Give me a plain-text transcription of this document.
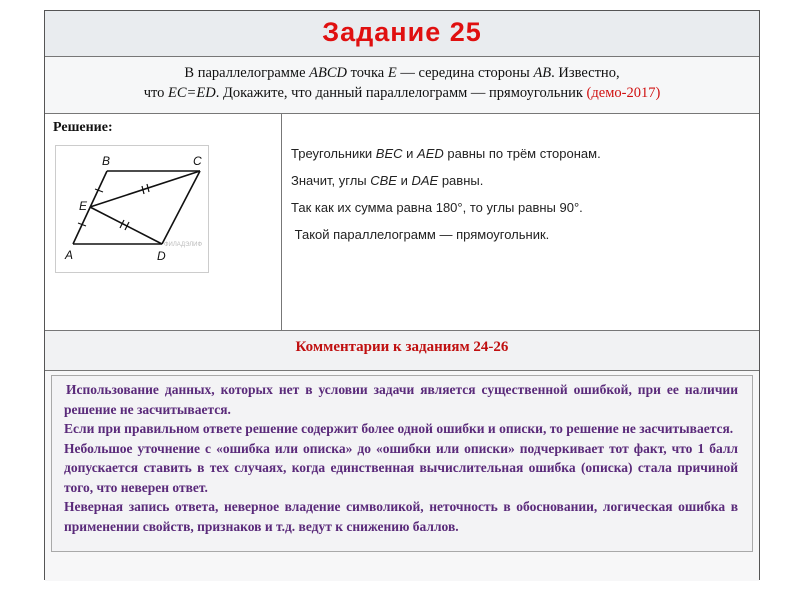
Задание 25
В параллелограмме ABCD точка E — середина стороны AB. Известно,
что EC=ED. Докажите, что данный параллелограмм — прямоугольник (демо-2017)
Решение:
A
B	C
D
E
ФИЛАДЭЛИФ
Треугольники BEC и AED равны по трём сторонам.
Значит, углы CBE и DAE равны.
Так как их сумма равна 180°, то углы равны 90°.
Такой параллелограмм — прямоугольник.
Комментарии к заданиям 24-26

Использование данных, которых нет в условии задачи является существенной ошибкой, при ее наличии решение не засчитывается.

Если при правильном ответе решение содержит более одной ошибки и описки, то решение не засчитывается.

Небольшое уточнение с «ошибка или описка» до «ошибки или описки» подчеркивает тот факт, что 1 балл допускается ставить в тех случаях, когда единственная вычислительная ошибка (описка) стала причиной того, что неверен ответ.

Неверная запись ответа, неверное владение символикой, неточность в обосновании, логическая ошибка в применении свойств, признаков и т.д. ведут к снижению баллов.
